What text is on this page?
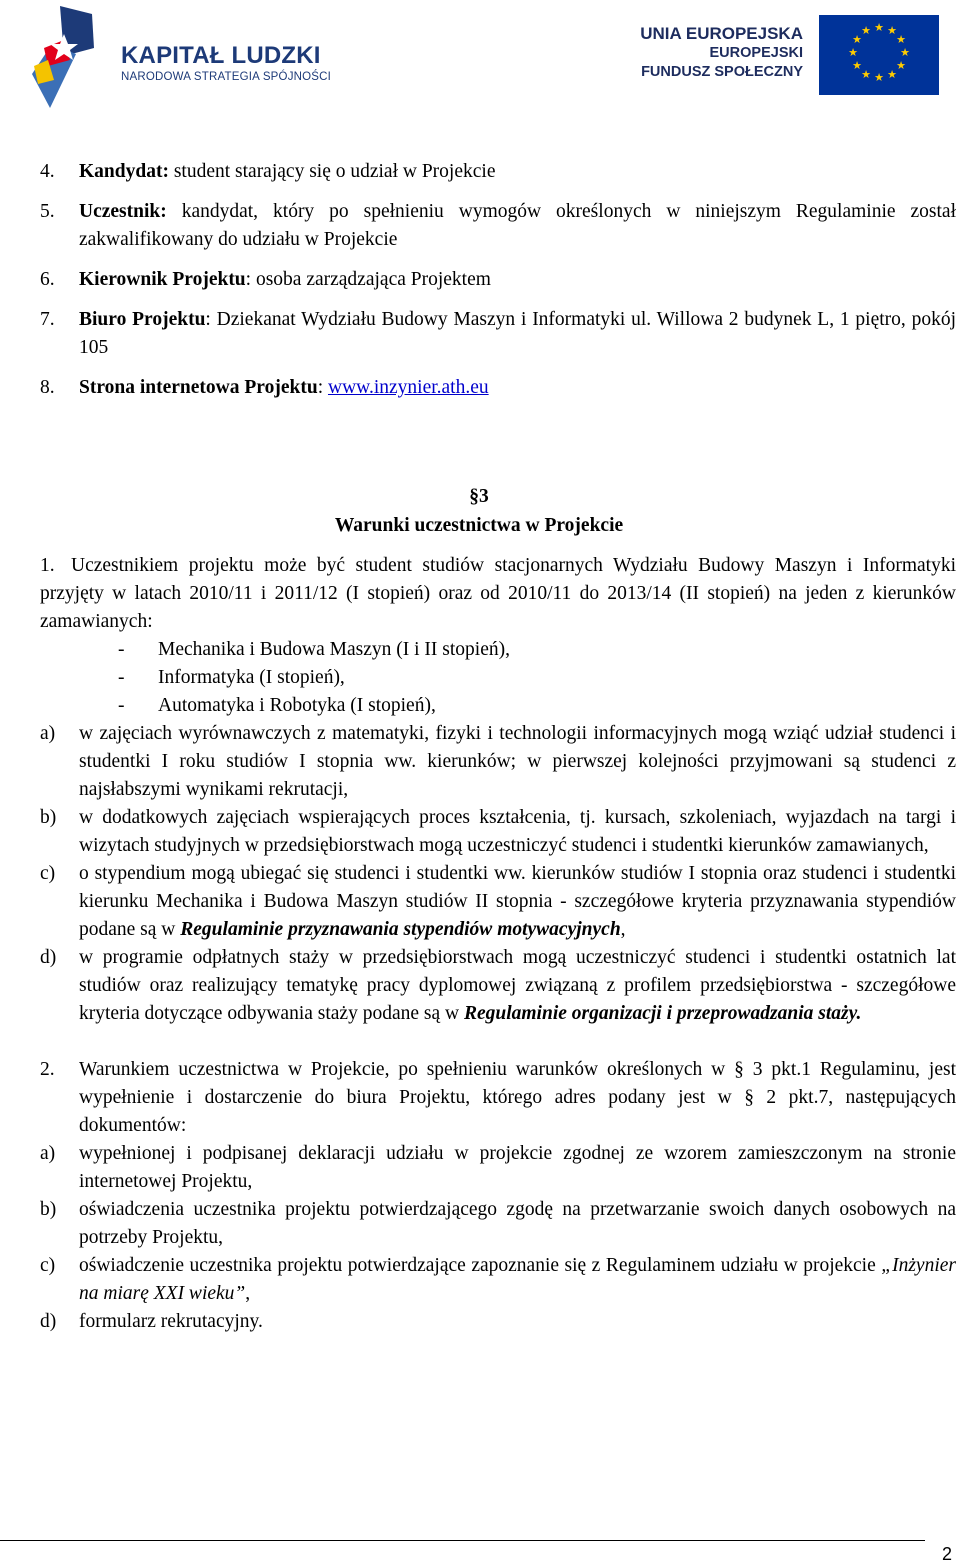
KAPITAŁ LUDZKI
NARODOWA STRATEGIA SPÓJNOŚCI
UNIA EUROPEJSKA
EUROPEJSKI
FUNDUSZ SPOŁECZNY
★ ★
★
★
★
★
★
★
★
★
★
★
4.	Kandydat: student starający się o udział w Projekcie
5.	Uczestnik: kandydat, który po spełnieniu wymogów określonych w niniejszym Regulaminie został zakwalifikowany do udziału w Projekcie
6.	Kierownik Projektu: osoba zarządzająca Projektem
7.	Biuro Projektu: Dziekanat Wydziału Budowy Maszyn i Informatyki ul. Willowa 2 budynek L, 1 piętro, pokój 105
8.	Strona internetowa Projektu: www.inzynier.ath.eu
§3
Warunki uczestnictwa w Projekcie
1. Uczestnikiem projektu może być student studiów stacjonarnych Wydziału Budowy Maszyn i Informatyki przyjęty w latach 2010/11 i 2011/12 (I stopień) oraz od 2010/11 do 2013/14 (II stopień) na jeden z kierunków zamawianych:
-	Mechanika i Budowa Maszyn (I i II stopień),
-	Informatyka (I stopień),
-	Automatyka i Robotyka (I stopień),
a)	w zajęciach wyrównawczych z matematyki, fizyki i technologii informacyjnych mogą wziąć udział studenci i studentki I roku studiów I stopnia ww. kierunków; w pierwszej kolejności przyjmowani są studenci z najsłabszymi wynikami rekrutacji,
b)	w dodatkowych zajęciach wspierających proces kształcenia, tj. kursach, szkoleniach, wyjazdach na targi i wizytach studyjnych w przedsiębiorstwach mogą uczestniczyć studenci i studentki kierunków zamawianych,
c)	o stypendium mogą ubiegać się studenci i studentki ww. kierunków studiów I stopnia oraz studenci i studentki kierunku Mechanika i Budowa Maszyn studiów II stopnia - szczegółowe kryteria przyznawania stypendiów podane są w Regulaminie przyznawania stypendiów motywacyjnych,
d)	w programie odpłatnych staży w przedsiębiorstwach mogą uczestniczyć studenci i studentki ostatnich lat studiów oraz realizujący tematykę pracy dyplomowej związaną z profilem przedsiębiorstwa - szczegółowe kryteria dotyczące odbywania staży podane są w Regulaminie organizacji i przeprowadzania staży.
2.	Warunkiem uczestnictwa w Projekcie, po spełnieniu warunków określonych w § 3 pkt.1 Regulaminu, jest wypełnienie i dostarczenie do biura Projektu, którego adres podany jest w § 2 pkt.7, następujących dokumentów:
a)	wypełnionej i podpisanej deklaracji udziału w projekcie zgodnej ze wzorem zamieszczonym na stronie internetowej Projektu,
b)	oświadczenia uczestnika projektu potwierdzającego zgodę na przetwarzanie swoich danych osobowych na potrzeby Projektu,
c)	oświadczenie uczestnika projektu potwierdzające zapoznanie się z Regulaminem udziału w projekcie „Inżynier na miarę XXI wieku”,
d)	formularz rekrutacyjny.
2
